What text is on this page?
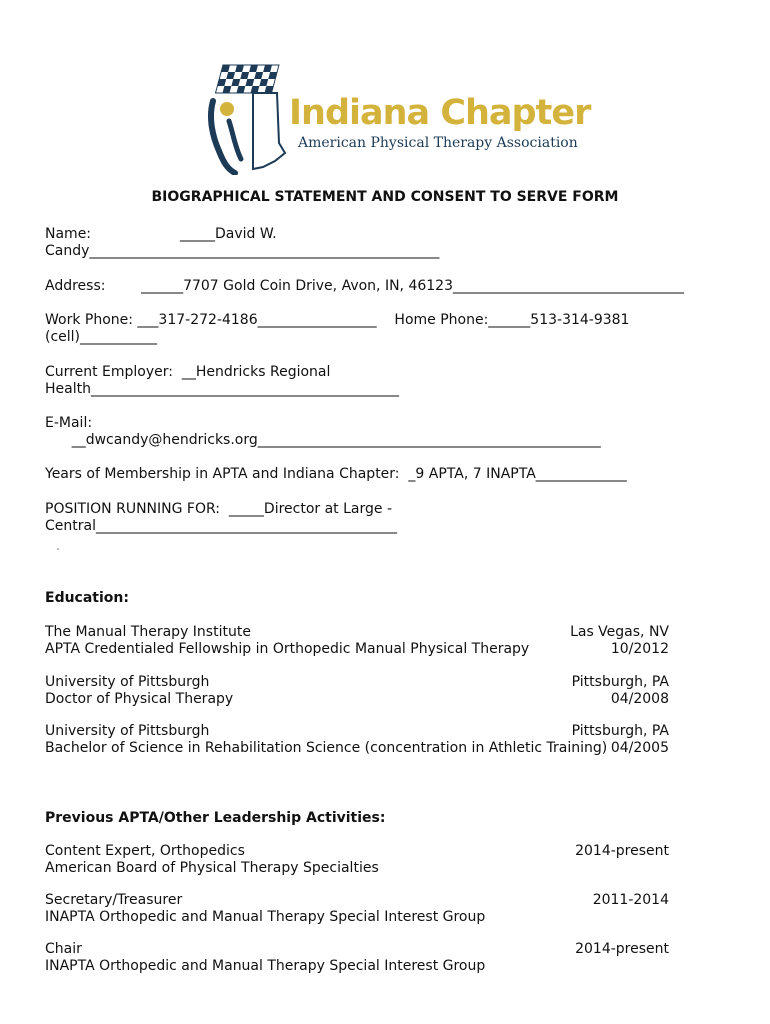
Indiana Chapter
American Physical Therapy Association
BIOGRAPHICAL STATEMENT AND CONSENT TO SERVE FORM
Name:                    _____David W.
Candy__________________________________________________
Address:        ______7707 Gold Coin Drive, Avon, IN, 46123_________________________________
Work Phone: ___317-272-4186_________________    Home Phone:______513-314-9381
(cell)___________
Current Employer:  __Hendricks Regional
Health____________________________________________
E-Mail:
__dwcandy@hendricks.org_________________________________________________
Years of Membership in APTA and Indiana Chapter:  _9 APTA, 7 INAPTA_____________
POSITION RUNNING FOR:  _____Director at Large -
Central___________________________________________
Education:
The Manual Therapy Institute
APTA Credentialed Fellowship in Orthopedic Manual Physical Therapy
Las Vegas, NV
10/2012
University of Pittsburgh
Doctor of Physical Therapy
Pittsburgh, PA
04/2008
University of Pittsburgh
Bachelor of Science in Rehabilitation Science (concentration in Athletic Training)
Pittsburgh, PA
04/2005
Previous APTA/Other Leadership Activities:
Content Expert, Orthopedics
American Board of Physical Therapy Specialties
2014-present
Secretary/Treasurer
INAPTA Orthopedic and Manual Therapy Special Interest Group
2011-2014
Chair
INAPTA Orthopedic and Manual Therapy Special Interest Group
2014-present
